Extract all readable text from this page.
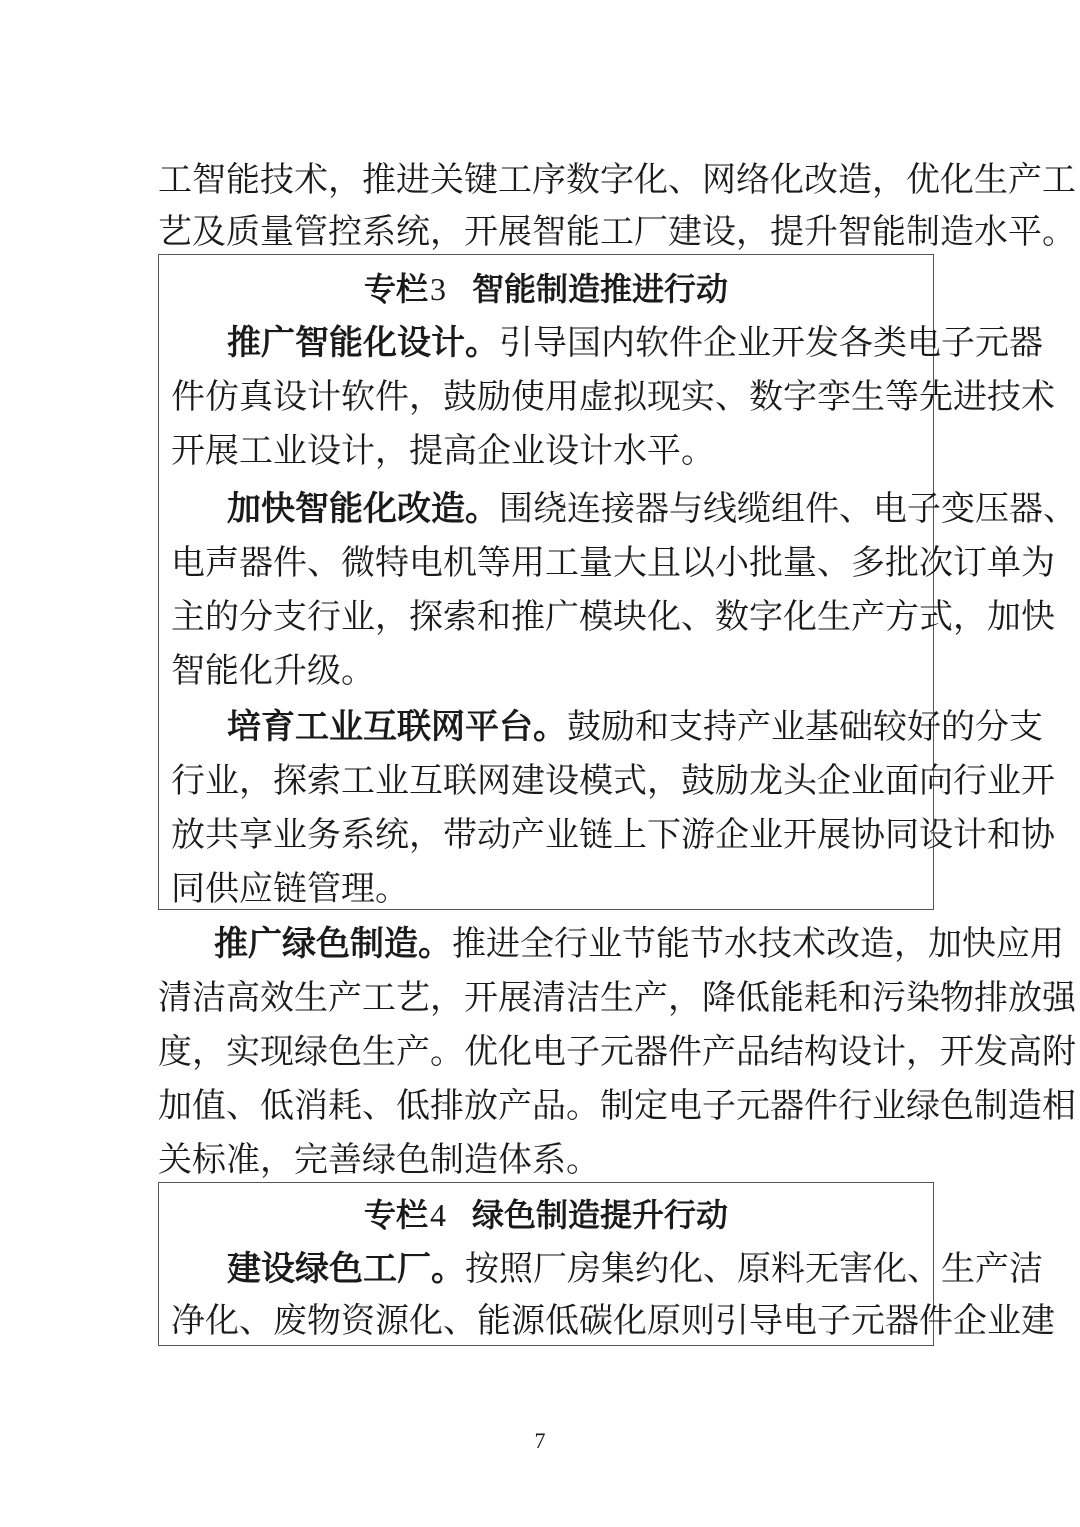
工智能技术，推进关键工序数字化、网络化改造，优化生产工
艺及质量管控系统，开展智能工厂建设，提升智能制造水平。
专栏3 智能制造推进行动
推广智能化设计。引导国内软件企业开发各类电子元器
件仿真设计软件，鼓励使用虚拟现实、数字孪生等先进技术
开展工业设计，提高企业设计水平。
加快智能化改造。围绕连接器与线缆组件、电子变压器、
电声器件、微特电机等用工量大且以小批量、多批次订单为
主的分支行业，探索和推广模块化、数字化生产方式，加快
智能化升级。
培育工业互联网平台。鼓励和支持产业基础较好的分支
行业，探索工业互联网建设模式，鼓励龙头企业面向行业开
放共享业务系统，带动产业链上下游企业开展协同设计和协
同供应链管理。
推广绿色制造。推进全行业节能节水技术改造，加快应用
清洁高效生产工艺，开展清洁生产，降低能耗和污染物排放强
度，实现绿色生产。优化电子元器件产品结构设计，开发高附
加值、低消耗、低排放产品。制定电子元器件行业绿色制造相
关标准，完善绿色制造体系。
专栏4 绿色制造提升行动
建设绿色工厂。按照厂房集约化、原料无害化、生产洁
净化、废物资源化、能源低碳化原则引导电子元器件企业建
7
